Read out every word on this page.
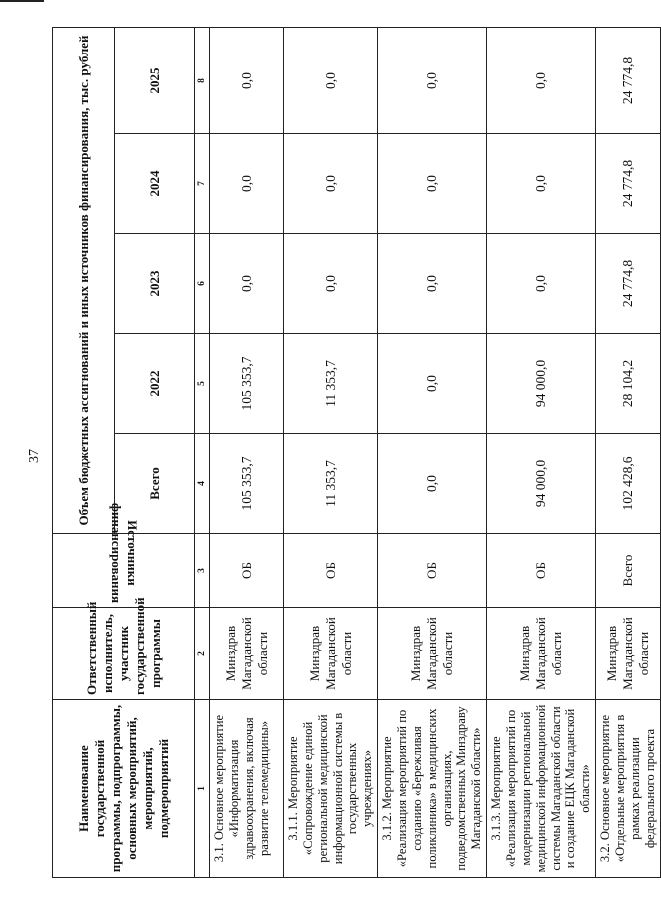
37
Наименование государственной программы, подпрограммы, основных мероприятий, мероприятий, подмероприятий	Ответственный исполнитель, участник государственной программы	Источники финансирования	Объем бюджетных ассигнований и иных источников финансирования, тыс. рублей				
			Всего	2022	2023	2024	2025
1	2	3	4	5	6	7	8
3.1. Основное мероприятие «Информатизация здравоохранения, включая развитие телемедицины»	Минздрав Магаданской области	ОБ	105 353,7	105 353,7	0,0	0,0	0,0
3.1.1. Мероприятие «Сопровождение единой региональной медицинской информационной системы в государственных учреждениях»	Минздрав Магаданской области	ОБ	11 353,7	11 353,7	0,0	0,0	0,0
3.1.2. Мероприятие «Реализация мероприятий по созданию «Бережливая поликлиника» в медицинских организациях, подведомственных Минздраву Магаданской области»	Минздрав Магаданской области	ОБ	0,0	0,0	0,0	0,0	0,0
3.1.3. Мероприятие «Реализация мероприятий по модернизации региональной медицинской информационной системы Магаданской области и создание ЕЦК Магаданской области»	Минздрав Магаданской области	ОБ	94 000,0	94 000,0	0,0	0,0	0,0
3.2. Основное мероприятие «Отдельные мероприятия в рамках реализации федерального проекта	Минздрав Магаданской области	Всего	102 428,6	28 104,2	24 774,8	24 774,8	24 774,8
